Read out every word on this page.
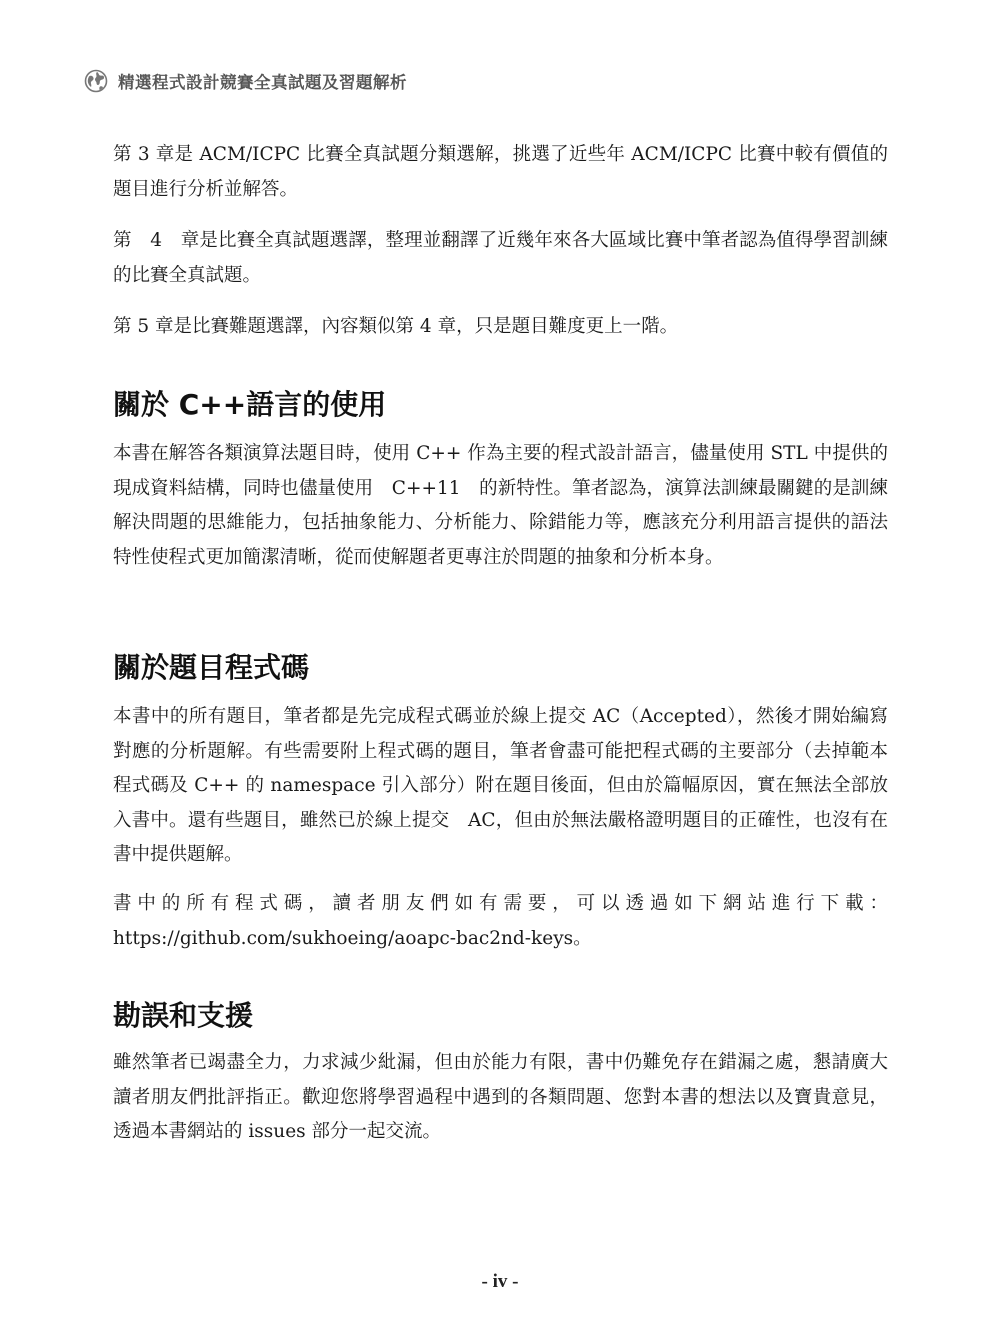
精選程式設計競賽全真試題及習題解析

第 3 章是 ACM/ICPC 比賽全真試題分類選解，挑選了近些年 ACM/ICPC 比賽中較有價值的題目進行分析並解答。

第　4　章是比賽全真試題選譯，整理並翻譯了近幾年來各大區域比賽中筆者認為值得學習訓練的比賽全真試題。

第 5 章是比賽難題選譯，內容類似第 4 章，只是題目難度更上一階。

關於 C++語言的使用

本書在解答各類演算法題目時，使用 C++ 作為主要的程式設計語言，儘量使用 STL 中提供的現成資料結構，同時也儘量使用　C++11　的新特性。筆者認為，演算法訓練最關鍵的是訓練解決問題的思維能力，包括抽象能力、分析能力、除錯能力等，應該充分利用語言提供的語法特性使程式更加簡潔清晰，從而使解題者更專注於問題的抽象和分析本身。

關於題目程式碼

本書中的所有題目，筆者都是先完成程式碼並於線上提交 AC（Accepted），然後才開始編寫對應的分析題解。有些需要附上程式碼的題目，筆者會盡可能把程式碼的主要部分（去掉範本程式碼及 C++ 的 namespace 引入部分）附在題目後面，但由於篇幅原因，實在無法全部放入書中。還有些題目，雖然已於線上提交　AC，但由於無法嚴格證明題目的正確性，也沒有在書中提供題解。

書中的所有程式碼，讀者朋友們如有需要，可以透過如下網站進行下載：https://github.com/sukhoeing/aoapc-bac2nd-keys。

勘誤和支援

雖然筆者已竭盡全力，力求減少紕漏，但由於能力有限，書中仍難免存在錯漏之處，懇請廣大讀者朋友們批評指正。歡迎您將學習過程中遇到的各類問題、您對本書的想法以及寶貴意見，透過本書網站的 issues 部分一起交流。

- iv -
